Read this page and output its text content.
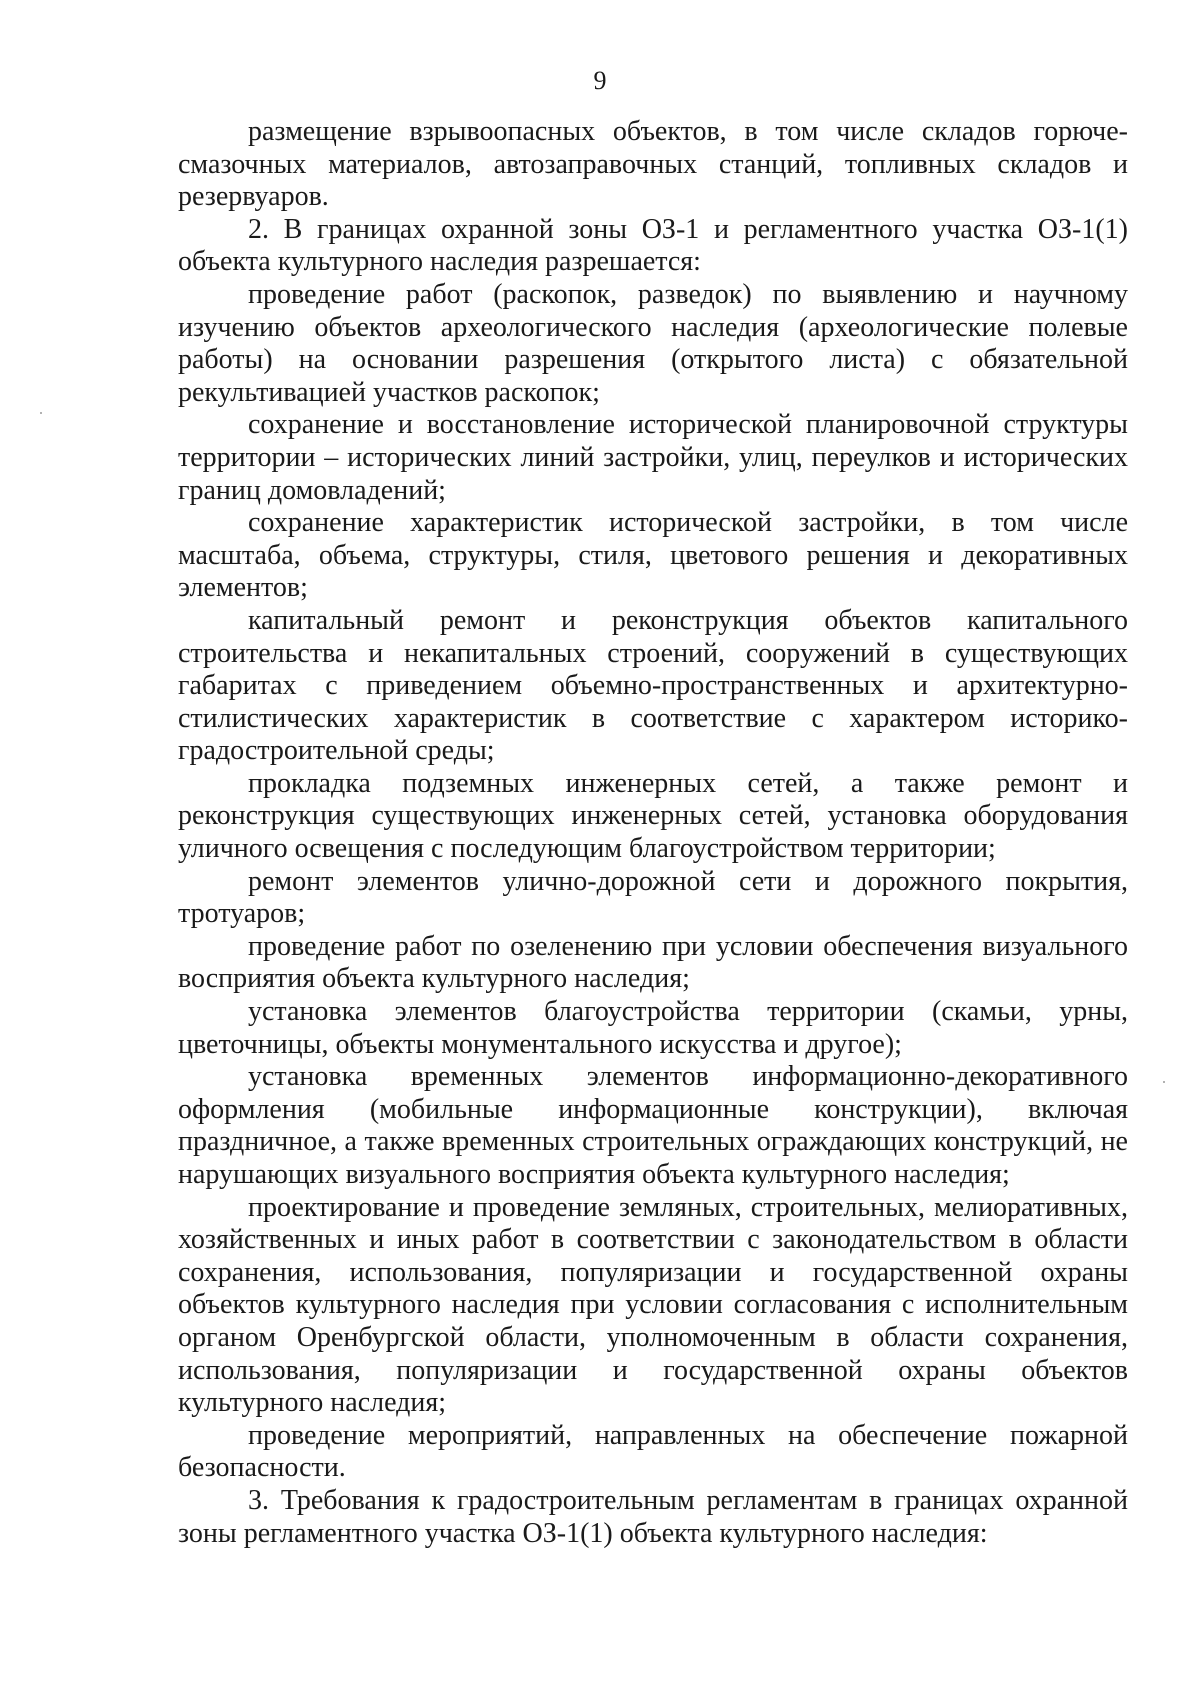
9

размещение взрывоопасных объектов, в том числе складов горюче-смазочных материалов, автозаправочных станций, топливных складов и резервуаров.

2. В границах охранной зоны ОЗ-1 и регламентного участка ОЗ-1(1) объекта культурного наследия разрешается:

проведение работ (раскопок, разведок) по выявлению и научному изучению объектов археологического наследия (археологические полевые работы) на основании разрешения (открытого листа) с обязательной рекультивацией участков раскопок;

сохранение и восстановление исторической планировочной структуры территории – исторических линий застройки, улиц, переулков и исторических границ домовладений;

сохранение характеристик исторической застройки, в том числе масштаба, объема, структуры, стиля, цветового решения и декоративных элементов;

капитальный ремонт и реконструкция объектов капитального строительства и некапитальных строений, сооружений в существующих габаритах с приведением объемно-пространственных и архитектурно-стилистических характеристик в соответствие с характером историко-градостроительной среды;

прокладка подземных инженерных сетей, а также ремонт и реконструкция существующих инженерных сетей, установка оборудования уличного освещения с последующим благоустройством территории;

ремонт элементов улично-дорожной сети и дорожного покрытия, тротуаров;

проведение работ по озеленению при условии обеспечения визуального восприятия объекта культурного наследия;

установка элементов благоустройства территории (скамьи, урны, цветочницы, объекты монументального искусства и другое);

установка временных элементов информационно-декоративного оформления (мобильные информационные конструкции), включая праздничное, а также временных строительных ограждающих конструкций, не нарушающих визуального восприятия объекта культурного наследия;

проектирование и проведение земляных, строительных, мелиоративных, хозяйственных и иных работ в соответствии с законодательством в области сохранения, использования, популяризации и государственной охраны объектов культурного наследия при условии согласования с исполнительным органом Оренбургской области, уполномоченным в области сохранения, использования, популяризации и государственной охраны объектов культурного наследия;

проведение мероприятий, направленных на обеспечение пожарной безопасности.

3. Требования к градостроительным регламентам в границах охранной зоны регламентного участка ОЗ-1(1) объекта культурного наследия:
